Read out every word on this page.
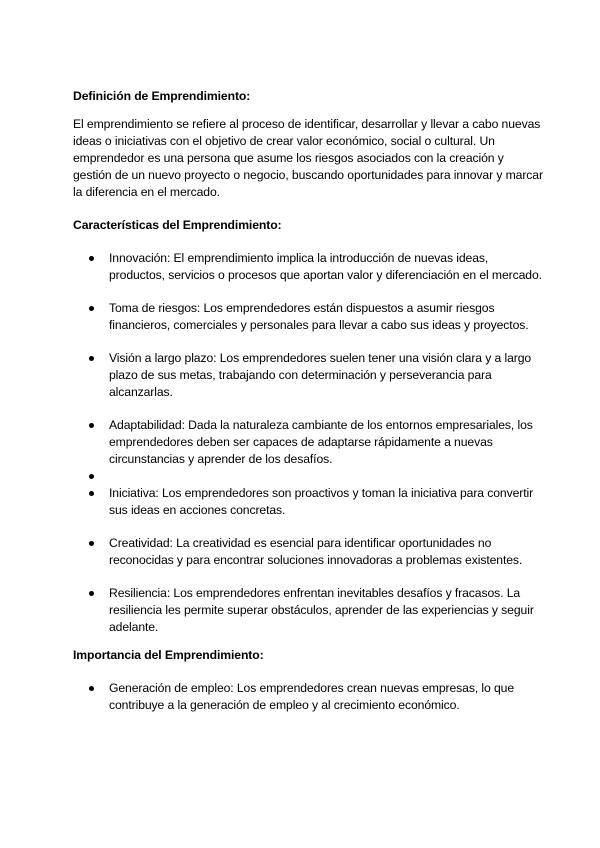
Definición de Emprendimiento:

El emprendimiento se refiere al proceso de identificar, desarrollar y llevar a cabo nuevas ideas o iniciativas con el objetivo de crear valor económico, social o cultural. Un emprendedor es una persona que asume los riesgos asociados con la creación y gestión de un nuevo proyecto o negocio, buscando oportunidades para innovar y marcar la diferencia en el mercado.

Características del Emprendimiento:
Innovación: El emprendimiento implica la introducción de nuevas ideas, productos, servicios o procesos que aportan valor y diferenciación en el mercado.
Toma de riesgos: Los emprendedores están dispuestos a asumir riesgos financieros, comerciales y personales para llevar a cabo sus ideas y proyectos.
Visión a largo plazo: Los emprendedores suelen tener una visión clara y a largo plazo de sus metas, trabajando con determinación y perseverancia para alcanzarlas.
Adaptabilidad: Dada la naturaleza cambiante de los entornos empresariales, los emprendedores deben ser capaces de adaptarse rápidamente a nuevas circunstancias y aprender de los desafíos.
Iniciativa: Los emprendedores son proactivos y toman la iniciativa para convertir sus ideas en acciones concretas.
Creatividad: La creatividad es esencial para identificar oportunidades no reconocidas y para encontrar soluciones innovadoras a problemas existentes.
Resiliencia: Los emprendedores enfrentan inevitables desafíos y fracasos. La resiliencia les permite superar obstáculos, aprender de las experiencias y seguir adelante.
Importancia del Emprendimiento:
Generación de empleo: Los emprendedores crean nuevas empresas, lo que contribuye a la generación de empleo y al crecimiento económico.
